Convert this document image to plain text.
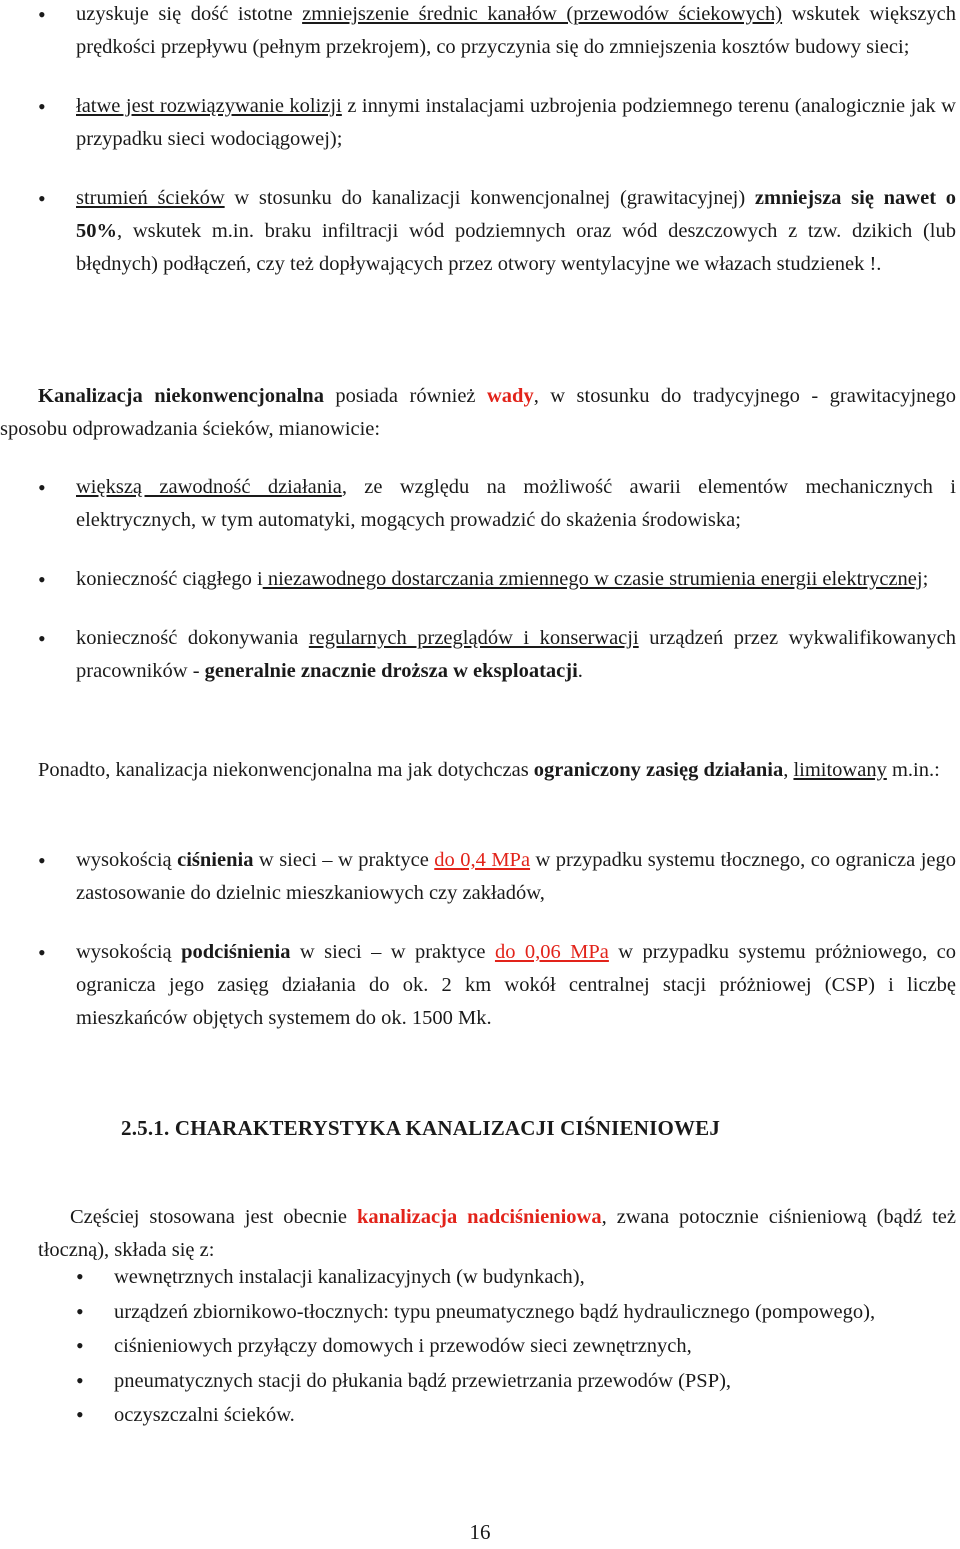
• uzyskuje się dość istotne zmniejszenie średnic kanałów (przewodów ściekowych) wskutek większych prędkości przepływu (pełnym przekrojem), co przyczynia się do zmniejszenia kosztów budowy sieci;
• łatwe jest rozwiązywanie kolizji z innymi instalacjami uzbrojenia podziemnego terenu (analogicznie jak w przypadku sieci wodociągowej);
• strumień ścieków w stosunku do kanalizacji konwencjonalnej (grawitacyjnej) zmniejsza się nawet o 50%, wskutek m.in. braku infiltracji wód podziemnych oraz wód deszczowych z tzw. dzikich (lub błędnych) podłączeń, czy też dopływających przez otwory wentylacyjne we włazach studzienek !.

Kanalizacja niekonwencjonalna posiada również wady, w stosunku do tradycyjnego - grawitacyjnego sposobu odprowadzania ścieków, mianowicie:

• większą zawodność działania, ze względu na możliwość awarii elementów mechanicznych i elektrycznych, w tym automatyki, mogących prowadzić do skażenia środowiska;
• konieczność ciągłego i niezawodnego dostarczania zmiennego w czasie strumienia energii elektrycznej;
• konieczność dokonywania regularnych przeglądów i konserwacji urządzeń przez wykwalifikowanych pracowników - generalnie znacznie droższa w eksploatacji.

Ponadto, kanalizacja niekonwencjonalna ma jak dotychczas ograniczony zasięg działania, limitowany m.in.:

• wysokością ciśnienia w sieci – w praktyce do 0,4 MPa w przypadku systemu tłocznego, co ogranicza jego zastosowanie do dzielnic mieszkaniowych czy zakładów,
• wysokością podciśnienia w sieci – w praktyce do 0,06 MPa w przypadku systemu próżniowego, co ogranicza jego zasięg działania do ok. 2 km wokół centralnej stacji próżniowej (CSP) i liczbę mieszkańców objętych systemem do ok. 1500 Mk.
2.5.1. CHARAKTERYSTYKA KANALIZACJI CIŚNIENIOWEJ

Częściej stosowana jest obecnie kanalizacja nadciśnieniowa, zwana potocznie ciśnieniową (bądź też tłoczną), składa się z:

• wewnętrznych instalacji kanalizacyjnych (w budynkach),
• urządzeń zbiornikowo-tłocznych: typu pneumatycznego bądź hydraulicznego (pompowego),
• ciśnieniowych przyłączy domowych i przewodów sieci zewnętrznych,
• pneumatycznych stacji do płukania bądź przewietrzania przewodów (PSP),
• oczyszczalni ścieków.
16
